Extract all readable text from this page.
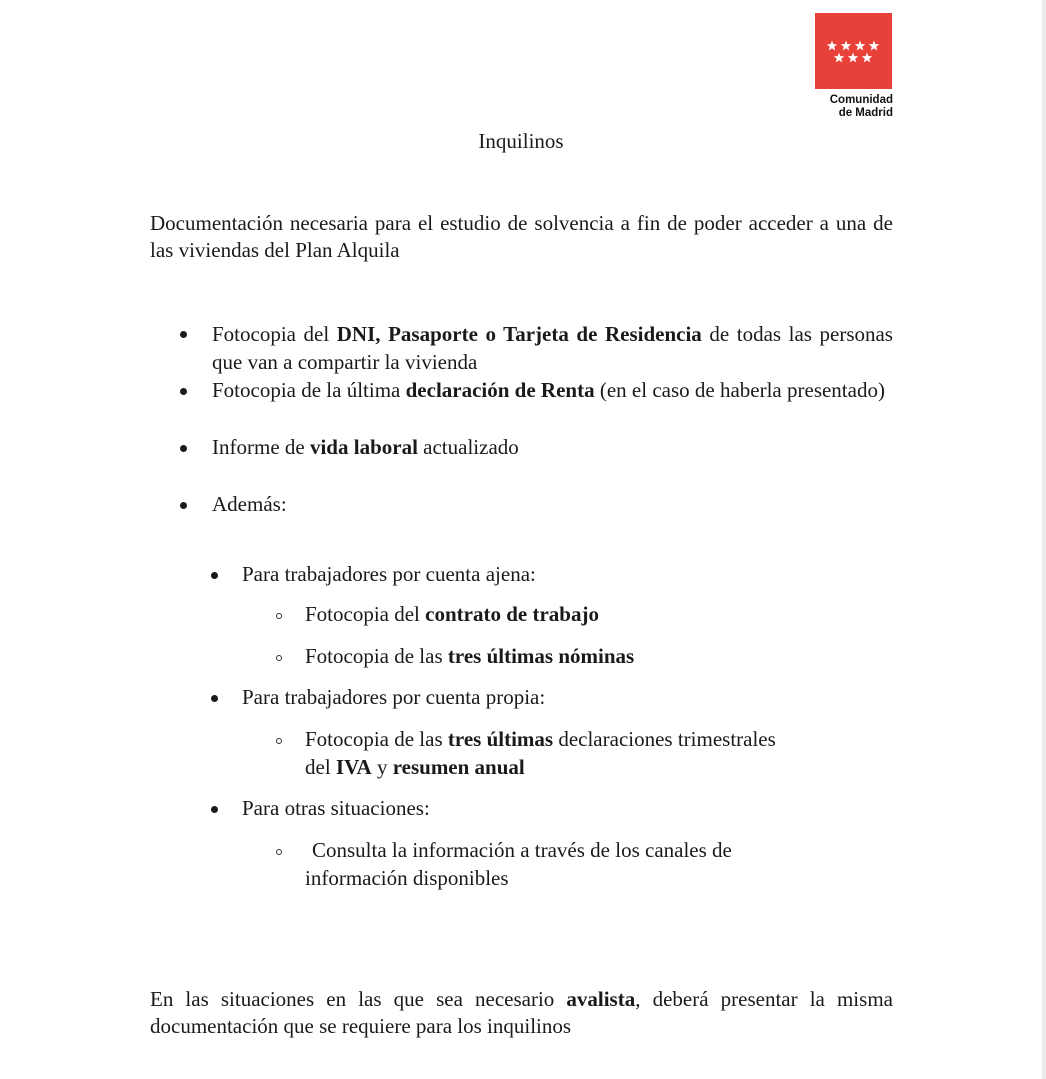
Comunidad
de Madrid
Inquilinos
Documentación necesaria para el estudio de solvencia a fin de poder acceder a una de las viviendas del Plan Alquila
Fotocopia del DNI, Pasaporte o Tarjeta de Residencia de todas las personas que van a compartir la vivienda
Fotocopia de la última declaración de Renta (en el caso de haberla presentado)
Informe de vida laboral actualizado
Además:
Para trabajadores por cuenta ajena:
Fotocopia del contrato de trabajo
Fotocopia de las tres últimas nóminas
Para trabajadores por cuenta propia:
Fotocopia de las tres últimas declaraciones trimestrales
del IVA y resumen anual
Para otras situaciones:
Consulta la información a través de los canales de
información disponibles
En las situaciones en las que sea necesario avalista, deberá presentar la misma documentación que se requiere para los inquilinos
